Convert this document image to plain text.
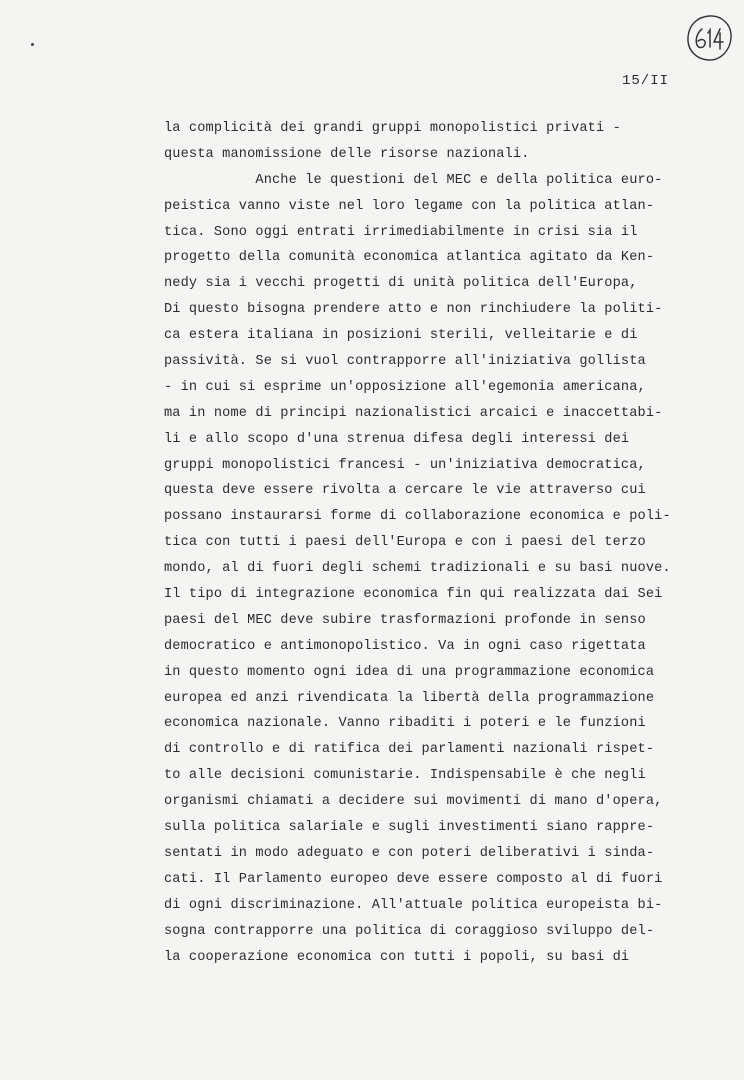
15/II
la complicità dei grandi gruppi monopolistici privati -
questa manomissione delle risorse nazionali.
Anche le questioni del MEC e della politica euro-
peistica vanno viste nel loro legame con la politica atlan-
tica. Sono oggi entrati irrimediabilmente in crisi sia il
progetto della comunità economica atlantica agitato da Ken-
nedy sia i vecchi progetti di unità politica dell'Europa,
Di questo bisogna prendere atto e non rinchiudere la politi-
ca estera italiana in posizioni sterili, velleitarie e di
passività. Se si vuol contrapporre all'iniziativa gollista
- in cui si esprime un'opposizione all'egemonia americana,
ma in nome di principi nazionalistici arcaici e inaccettabi-
li e allo scopo d'una strenua difesa degli interessi dei
gruppi monopolistici francesi - un'iniziativa democratica,
questa deve essere rivolta a cercare le vie attraverso cui
possano instaurarsi forme di collaborazione economica e poli-
tica con tutti i paesi dell'Europa e con i paesi del terzo
mondo, al di fuori degli schemi tradizionali e su basi nuove.
Il tipo di integrazione economica fin qui realizzata dai Sei
paesi del MEC deve subire trasformazioni profonde in senso
democratico e antimonopolistico. Va in ogni caso rigettata
in questo momento ogni idea di una programmazione economica
europea ed anzi rivendicata la libertà della programmazione
economica nazionale. Vanno ribaditi i poteri e le funzioni
di controllo e di ratifica dei parlamenti nazionali rispet-
to alle decisioni comunistarie. Indispensabile è che negli
organismi chiamati a decidere sui movimenti di mano d'opera,
sulla politica salariale e sugli investimenti siano rappre-
sentati in modo adeguato e con poteri deliberativi i sinda-
cati. Il Parlamento europeo deve essere composto al di fuori
di ogni discriminazione. All'attuale politica europeista bi-
sogna contrapporre una politica di coraggioso sviluppo del-
la cooperazione economica con tutti i popoli, su basi di
